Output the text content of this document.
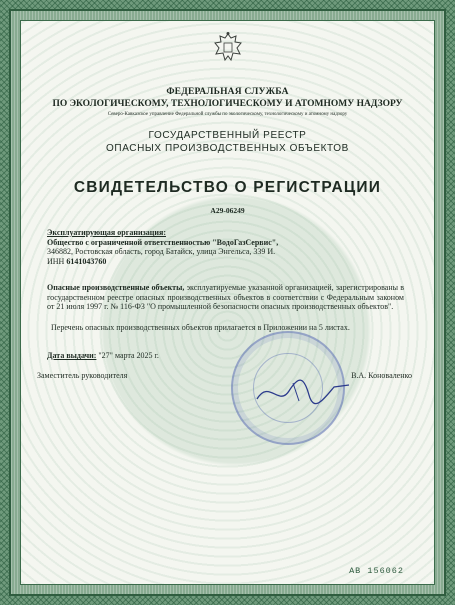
ФЕДЕРАЛЬНАЯ СЛУЖБА
ПО ЭКОЛОГИЧЕСКОМУ, ТЕХНОЛОГИЧЕСКОМУ И АТОМНОМУ НАДЗОРУ
Северо-Кавказское управление Федеральной службы по экологическому, технологическому и атомному надзору
ГОСУДАРСТВЕННЫЙ РЕЕСТР
ОПАСНЫХ ПРОИЗВОДСТВЕННЫХ ОБЪЕКТОВ
СВИДЕТЕЛЬСТВО О РЕГИСТРАЦИИ
А29-06249
Эксплуатирующая организация:
Общество с ограниченной ответственностью "ВодоГазСервис",
346882, Ростовская область, город Батайск, улица Энгельса, 339 И.
ИНН 6141043760
Опасные производственные объекты, эксплуатируемые указанной организацией, зарегистрированы в государственном реестре опасных производственных объектов в соответствии с Федеральным законом от 21 июля 1997 г. № 116-ФЗ "О промышленной безопасности опасных производственных объектов".
Перечень опасных производственных объектов прилагается в Приложении на 5 листах.
Дата выдачи: "27" марта 2025 г.
Заместитель руководителя	В.А. Коноваленко
АВ 156062
